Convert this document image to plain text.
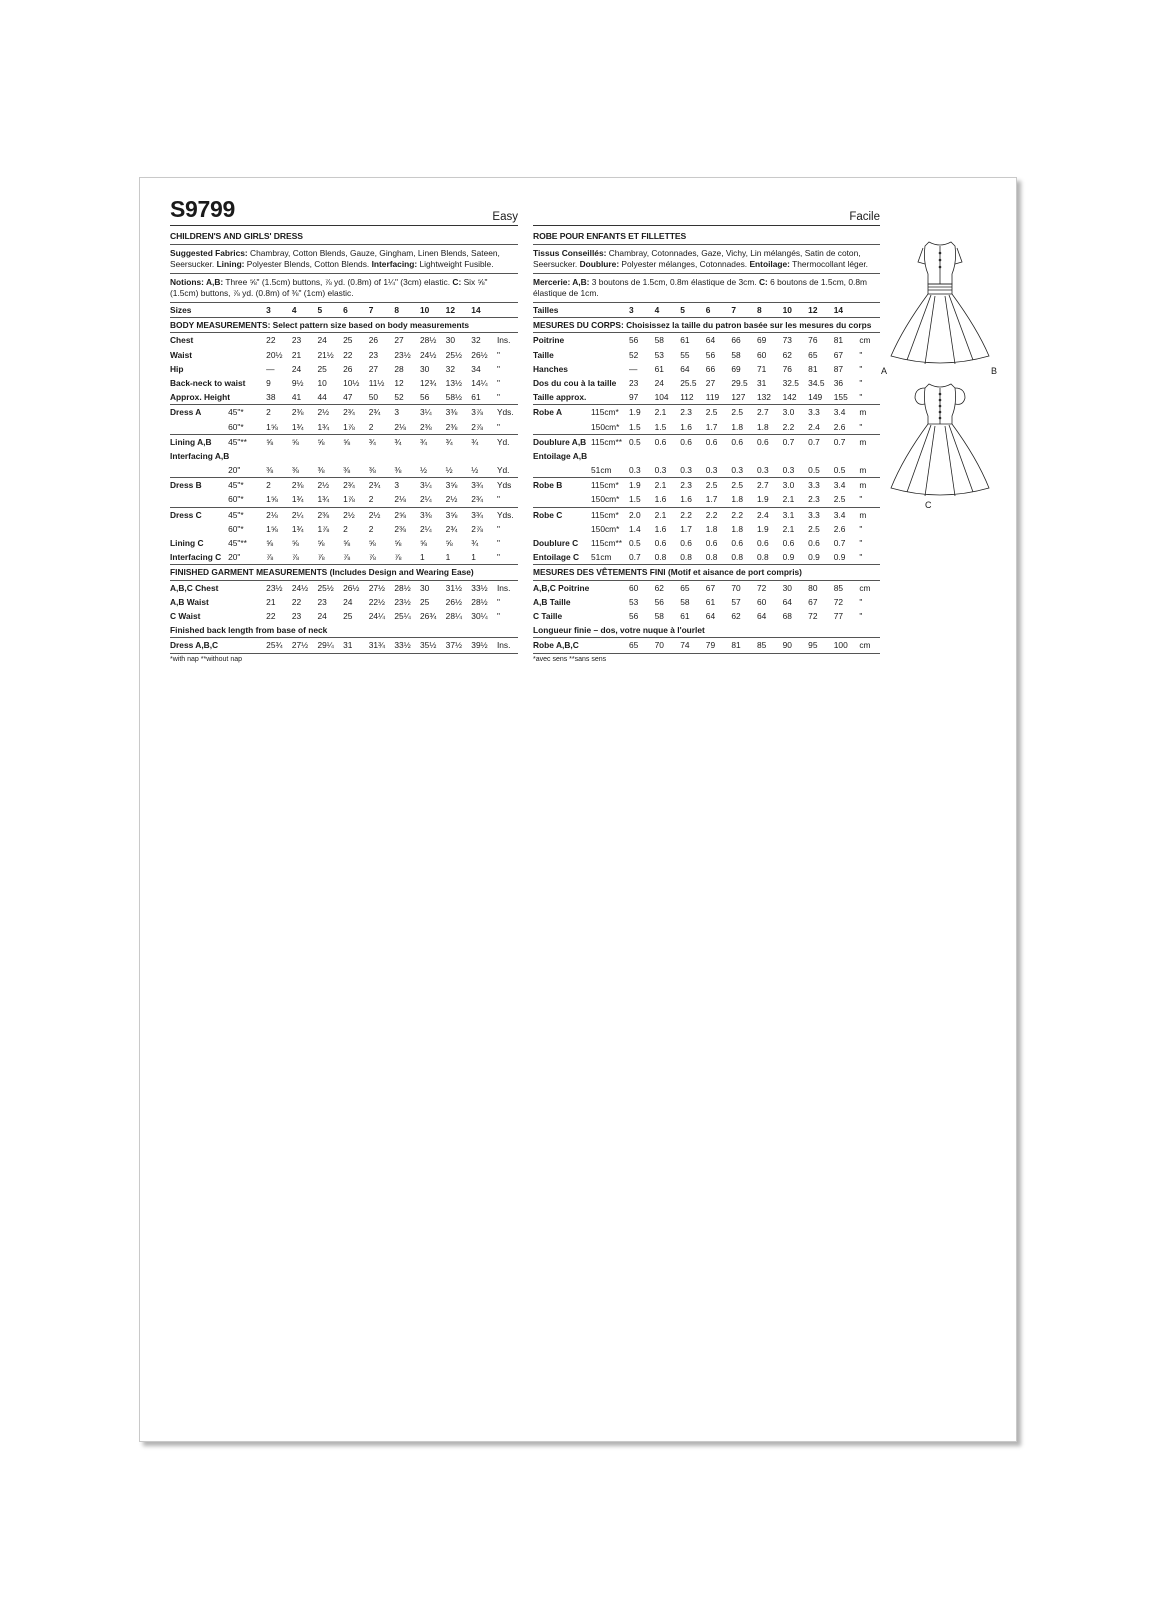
S9799	Easy
CHILDREN'S AND GIRLS' DRESS
Suggested Fabrics: Chambray, Cotton Blends, Gauze, Gingham, Linen Blends, Sateen, Seersucker. Lining: Polyester Blends, Cotton Blends. Interfacing: Lightweight Fusible.
Notions: A,B: Three ⅝" (1.5cm) buttons, ⅞ yd. (0.8m) of 1¼" (3cm) elastic. C: Six ⅝" (1.5cm) buttons, ⅞ yd. (0.8m) of ⅜" (1cm) elastic.
Sizes		3	4	5	6	7	8	10	12	14	
BODY MEASUREMENTS: Select pattern size based on body measurements											
Chest		22	23	24	25	26	27	28½	30	32	Ins.
Waist		20½	21	21½	22	23	23½	24½	25½	26½	"
Hip		—	24	25	26	27	28	30	32	34	"
Back-neck to waist		9	9½	10	10½	11½	12	12¾	13½	14¼	"
Approx. Height		38	41	44	47	50	52	56	58½	61	"
Dress A	45"*	2	2⅜	2½	2¾	2¾	3	3¼	3⅜	3⅞	Yds.
	60"*	1⅝	1¾	1¾	1⅞	2	2⅛	2⅜	2⅜	2⅞	"
Lining A,B	45"**	⅝	⅝	⅝	⅝	¾	¾	¾	¾	¾	Yd.
Interfacing A,B											
	20"	⅜	⅜	⅜	⅜	⅜	⅜	½	½	½	Yd.
Dress B	45"*	2	2⅜	2½	2¾	2¾	3	3¼	3⅝	3¾	Yds
	60"*	1⅝	1¾	1¾	1⅞	2	2⅛	2¼	2½	2¾	"
Dress C	45"*	2⅛	2¼	2⅜	2½	2½	2⅝	3⅜	3⅝	3¾	Yds.
	60"*	1⅝	1¾	1⅞	2	2	2⅜	2¼	2¾	2⅞	"
Lining C	45"**	⅝	⅝	⅝	⅝	⅝	⅝	⅝	⅝	¾	"
Interfacing C	20"	⅞	⅞	⅞	⅞	⅞	⅞	1	1	1	"
FINISHED GARMENT MEASUREMENTS (Includes Design and Wearing Ease)											
A,B,C Chest		23½	24½	25½	26½	27½	28½	30	31½	33½	Ins.
A,B Waist		21	22	23	24	22½	23½	25	26½	28½	"
C Waist		22	23	24	25	24¼	25¼	26¾	28¼	30¼	"
Finished back length from base of neck											
Dress A,B,C		25¾	27½	29¼	31	31¾	33½	35½	37½	39½	Ins.
*with nap **without nap
Facile
ROBE POUR ENFANTS ET FILLETTES
Tissus Conseillés: Chambray, Cotonnades, Gaze, Vichy, Lin mélangés, Satin de coton, Seersucker. Doublure: Polyester mélanges, Cotonnades. Entoilage: Thermocollant léger.
Mercerie: A,B: 3 boutons de 1.5cm, 0.8m élastique de 3cm. C: 6 boutons de 1.5cm, 0.8m élastique de 1cm.
Tailles		3	4	5	6	7	8	10	12	14	
MESURES DU CORPS: Choisissez la taille du patron basée sur les mesures du corps											
Poitrine		56	58	61	64	66	69	73	76	81	cm
Taille		52	53	55	56	58	60	62	65	67	"
Hanches		—	61	64	66	69	71	76	81	87	"
Dos du cou à la taille		23	24	25.5	27	29.5	31	32.5	34.5	36	"
Taille approx.		97	104	112	119	127	132	142	149	155	"
Robe A	115cm*	1.9	2.1	2.3	2.5	2.5	2.7	3.0	3.3	3.4	m
	150cm*	1.5	1.5	1.6	1.7	1.8	1.8	2.2	2.4	2.6	"
Doublure A,B	115cm**	0.5	0.6	0.6	0.6	0.6	0.6	0.7	0.7	0.7	m
Entoilage A,B											
	51cm	0.3	0.3	0.3	0.3	0.3	0.3	0.3	0.5	0.5	m
Robe B	115cm*	1.9	2.1	2.3	2.5	2.5	2.7	3.0	3.3	3.4	m
	150cm*	1.5	1.6	1.6	1.7	1.8	1.9	2.1	2.3	2.5	"
Robe C	115cm*	2.0	2.1	2.2	2.2	2.2	2.4	3.1	3.3	3.4	m
	150cm*	1.4	1.6	1.7	1.8	1.8	1.9	2.1	2.5	2.6	"
Doublure C	115cm**	0.5	0.6	0.6	0.6	0.6	0.6	0.6	0.6	0.7	"
Entoilage C	51cm	0.7	0.8	0.8	0.8	0.8	0.8	0.9	0.9	0.9	"
MESURES DES VÊTEMENTS FINI (Motif et aisance de port compris)											
A,B,C Poitrine		60	62	65	67	70	72	30	80	85	cm
A,B Taille		53	56	58	61	57	60	64	67	72	"
C Taille		56	58	61	64	62	64	68	72	77	"
Longueur finie – dos, votre nuque à l'ourlet											
Robe A,B,C		65	70	74	79	81	85	90	95	100	cm
*avec sens **sans sens
A	B
C
